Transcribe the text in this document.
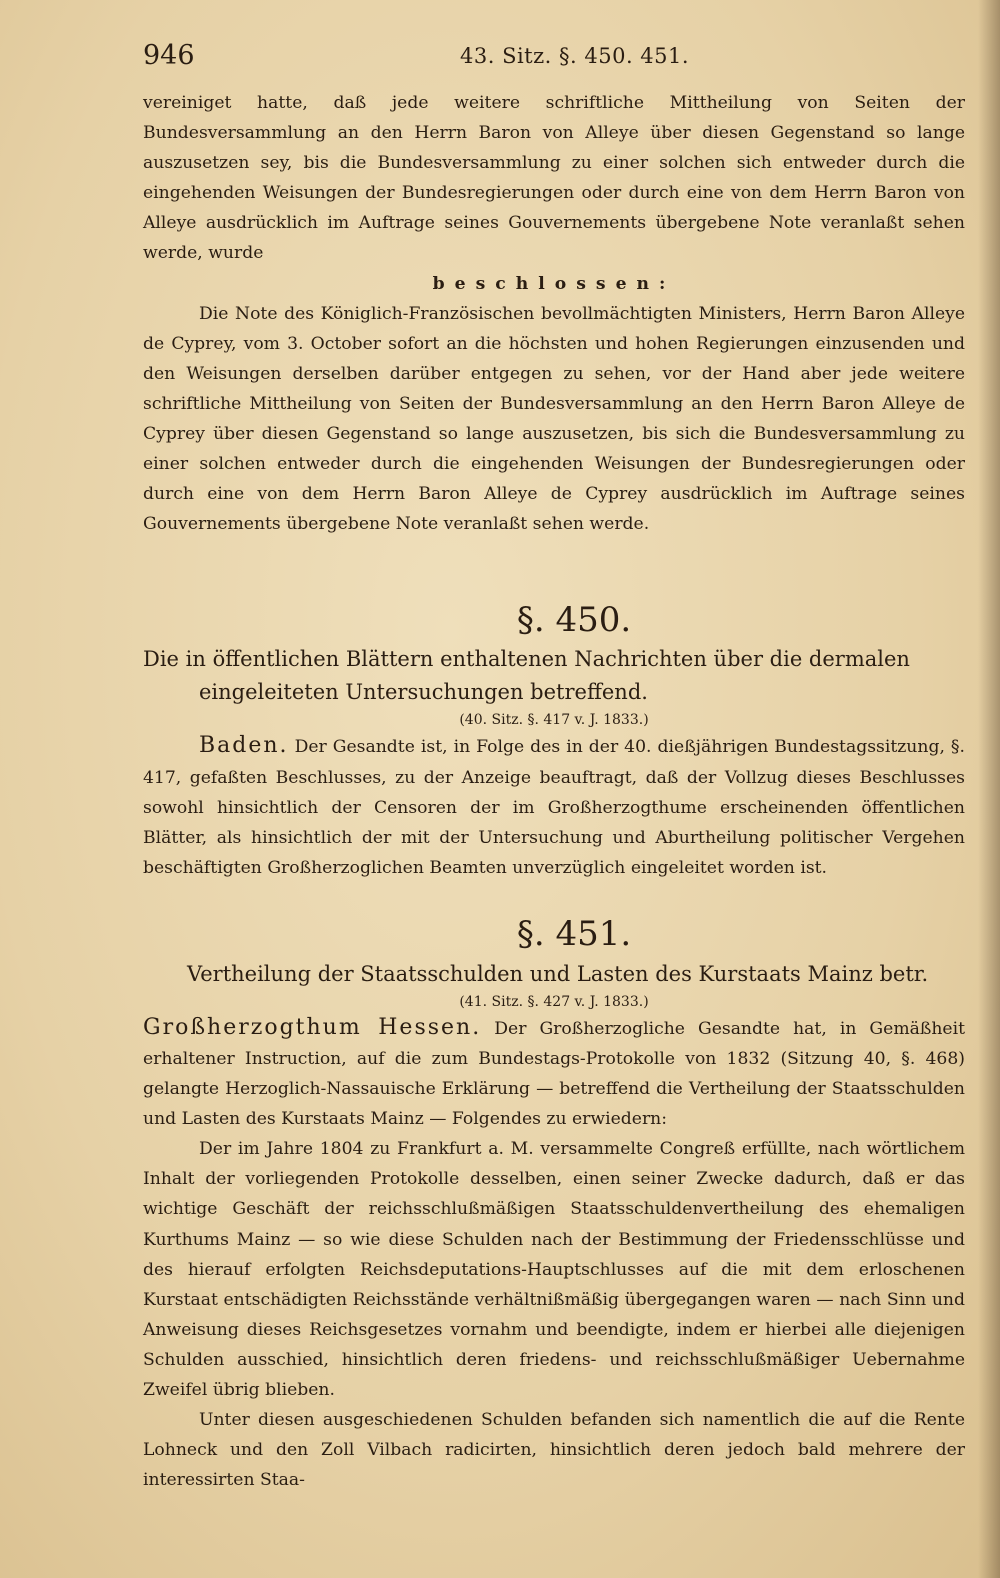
946	43. Sitz. §. 450. 451.

vereiniget hatte, daß jede weitere schriftliche Mittheilung von Seiten der Bundesversammlung an den Herrn Baron von Alleye über diesen Gegenstand so lange auszusetzen sey, bis die Bundesversammlung zu einer solchen sich entweder durch die eingehenden Weisungen der Bundesregierungen oder durch eine von dem Herrn Baron von Alleye ausdrücklich im Auftrage seines Gouvernements übergebene Note veranlaßt sehen werde, wurde

beschlossen:

Die Note des Königlich-Französischen bevollmächtigten Ministers, Herrn Baron Alleye de Cyprey, vom 3. October sofort an die höchsten und hohen Regierungen einzusenden und den Weisungen derselben darüber entgegen zu sehen, vor der Hand aber jede weitere schriftliche Mittheilung von Seiten der Bundesversammlung an den Herrn Baron Alleye de Cyprey über diesen Gegenstand so lange auszusetzen, bis sich die Bundesversammlung zu einer solchen entweder durch die eingehenden Weisungen der Bundesregierungen oder durch eine von dem Herrn Baron Alleye de Cyprey ausdrücklich im Auftrage seines Gouvernements übergebene Note veranlaßt sehen werde.

§. 450.

Die in öffentlichen Blättern enthaltenen Nachrichten über die dermalen eingeleiteten Untersuchungen betreffend.

(40. Sitz. §. 417 v. J. 1833.)

Baden. Der Gesandte ist, in Folge des in der 40. dießjährigen Bundestagssitzung, §. 417, gefaßten Beschlusses, zu der Anzeige beauftragt, daß der Vollzug dieses Beschlusses sowohl hinsichtlich der Censoren der im Großherzogthume erscheinenden öffentlichen Blätter, als hinsichtlich der mit der Untersuchung und Aburtheilung politischer Vergehen beschäftigten Großherzoglichen Beamten unverzüglich eingeleitet worden ist.

§. 451.

Vertheilung der Staatsschulden und Lasten des Kurstaats Mainz betr.

(41. Sitz. §. 427 v. J. 1833.)

Großherzogthum Hessen. Der Großherzogliche Gesandte hat, in Gemäßheit erhaltener Instruction, auf die zum Bundestags-Protokolle von 1832 (Sitzung 40, §. 468) gelangte Herzoglich-Nassauische Erklärung — betreffend die Vertheilung der Staatsschulden und Lasten des Kurstaats Mainz — Folgendes zu erwiedern:

Der im Jahre 1804 zu Frankfurt a. M. versammelte Congreß erfüllte, nach wörtlichem Inhalt der vorliegenden Protokolle desselben, einen seiner Zwecke dadurch, daß er das wichtige Geschäft der reichsschlußmäßigen Staatsschuldenvertheilung des ehemaligen Kurthums Mainz — so wie diese Schulden nach der Bestimmung der Friedensschlüsse und des hierauf erfolgten Reichsdeputations-Hauptschlusses auf die mit dem erloschenen Kurstaat entschädigten Reichsstände verhältnißmäßig übergegangen waren — nach Sinn und Anweisung dieses Reichsgesetzes vornahm und beendigte, indem er hierbei alle diejenigen Schulden ausschied, hinsichtlich deren friedens- und reichsschlußmäßiger Uebernahme Zweifel übrig blieben.

Unter diesen ausgeschiedenen Schulden befanden sich namentlich die auf die Rente Lohneck und den Zoll Vilbach radicirten, hinsichtlich deren jedoch bald mehrere der interessirten Staa-
